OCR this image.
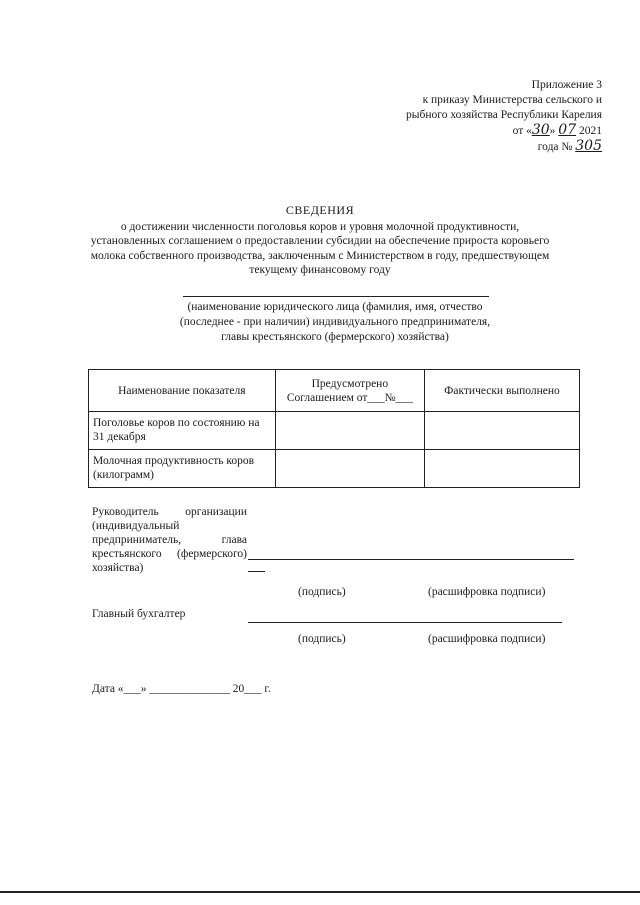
Приложение 3
к приказу Министерства сельского и
рыбного хозяйства Республики Карелия
от «30» 07 2021
года № 305
СВЕДЕНИЯ
о достижении численности поголовья коров и уровня молочной продуктивности,
установленных соглашением о предоставлении субсидии на обеспечение прироста коровьего
молока собственного производства, заключенным с Министерством в году, предшествующем
текущему финансовому году
(наименование юридического лица (фамилия, имя, отчество
(последнее - при наличии) индивидуального предпринимателя,
главы крестьянского (фермерского) хозяйства)
Наименование показателя	Предусмотрено Соглашением от___№___	Фактически выполнено
Поголовье коров по состоянию на 31 декабря		
Молочная продуктивность коров (килограмм)		
Руководитель организации (индивидуальный предприниматель, глава крестьянского (фермерского) хозяйства)
(подпись)	(расшифровка подписи)
Главный бухгалтер
(подпись)	(расшифровка подписи)
Дата «___» ______________ 20___ г.
